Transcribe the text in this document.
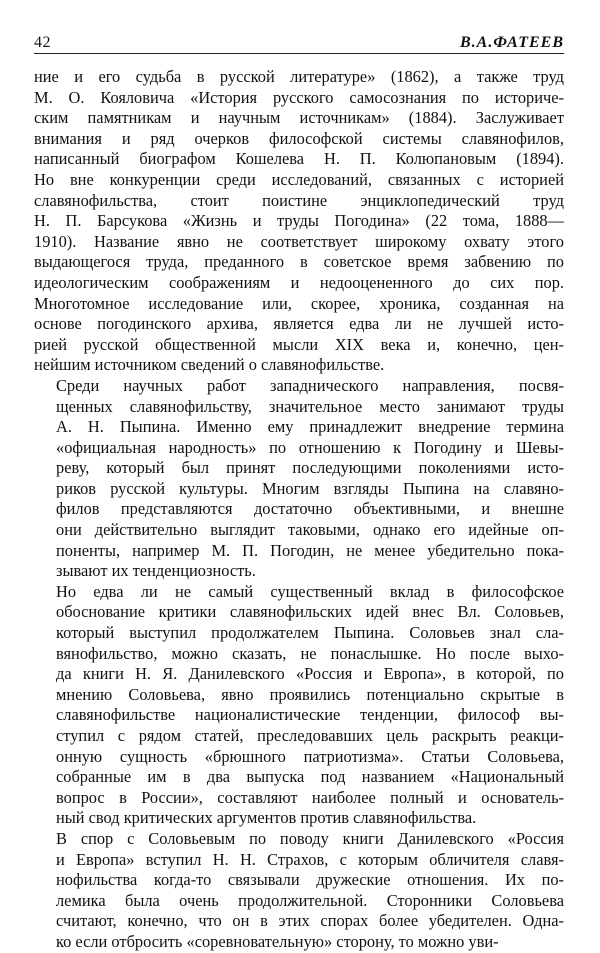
42	В.А.ФАТЕЕВ
ние и его судьба в русской литературе» (1862), а также труд
М. О. Кояловича «История русского самосознания по историче-
ским памятникам и научным источникам» (1884). Заслуживает
внимания и ряд очерков философской системы славянофилов,
написанный биографом Кошелева Н. П. Колюпановым (1894).
Но вне конкуренции среди исследований, связанных с историей
славянофильства, стоит поистине энциклопедический труд
Н. П. Барсукова «Жизнь и труды Погодина» (22 тома, 1888—
1910). Название явно не соответствует широкому охвату этого
выдающегося труда, преданного в советское время забвению по
идеологическим соображениям и недооцененного до сих пор.
Многотомное исследование или, скорее, хроника, созданная на
основе погодинского архива, является едва ли не лучшей исто-
рией русской общественной мысли XIX века и, конечно, цен-
нейшим источником сведений о славянофильстве.
Среди научных работ западнического направления, посвя-
щенных славянофильству, значительное место занимают труды
А. Н. Пыпина. Именно ему принадлежит внедрение термина
«официальная народность» по отношению к Погодину и Шевы-
реву, который был принят последующими поколениями исто-
риков русской культуры. Многим взгляды Пыпина на славяно-
филов представляются достаточно объективными, и внешне
они действительно выглядит таковыми, однако его идейные оп-
поненты, например М. П. Погодин, не менее убедительно пока-
зывают их тенденциозность.
Но едва ли не самый существенный вклад в философское
обоснование критики славянофильских идей внес Вл. Соловьев,
который выступил продолжателем Пыпина. Соловьев знал сла-
вянофильство, можно сказать, не понаслышке. Но после выхо-
да книги Н. Я. Данилевского «Россия и Европа», в которой, по
мнению Соловьева, явно проявились потенциально скрытые в
славянофильстве националистические тенденции, философ вы-
ступил с рядом статей, преследовавших цель раскрыть реакци-
онную сущность «брюшного патриотизма». Статьи Соловьева,
собранные им в два выпуска под названием «Национальный
вопрос в России», составляют наиболее полный и основатель-
ный свод критических аргументов против славянофильства.
В спор с Соловьевым по поводу книги Данилевского «Россия
и Европа» вступил Н. Н. Страхов, с которым обличителя славя-
нофильства когда-то связывали дружеские отношения. Их по-
лемика была очень продолжительной. Сторонники Соловьева
считают, конечно, что он в этих спорах более убедителен. Одна-
ко если отбросить «соревновательную» сторону, то можно уви-
